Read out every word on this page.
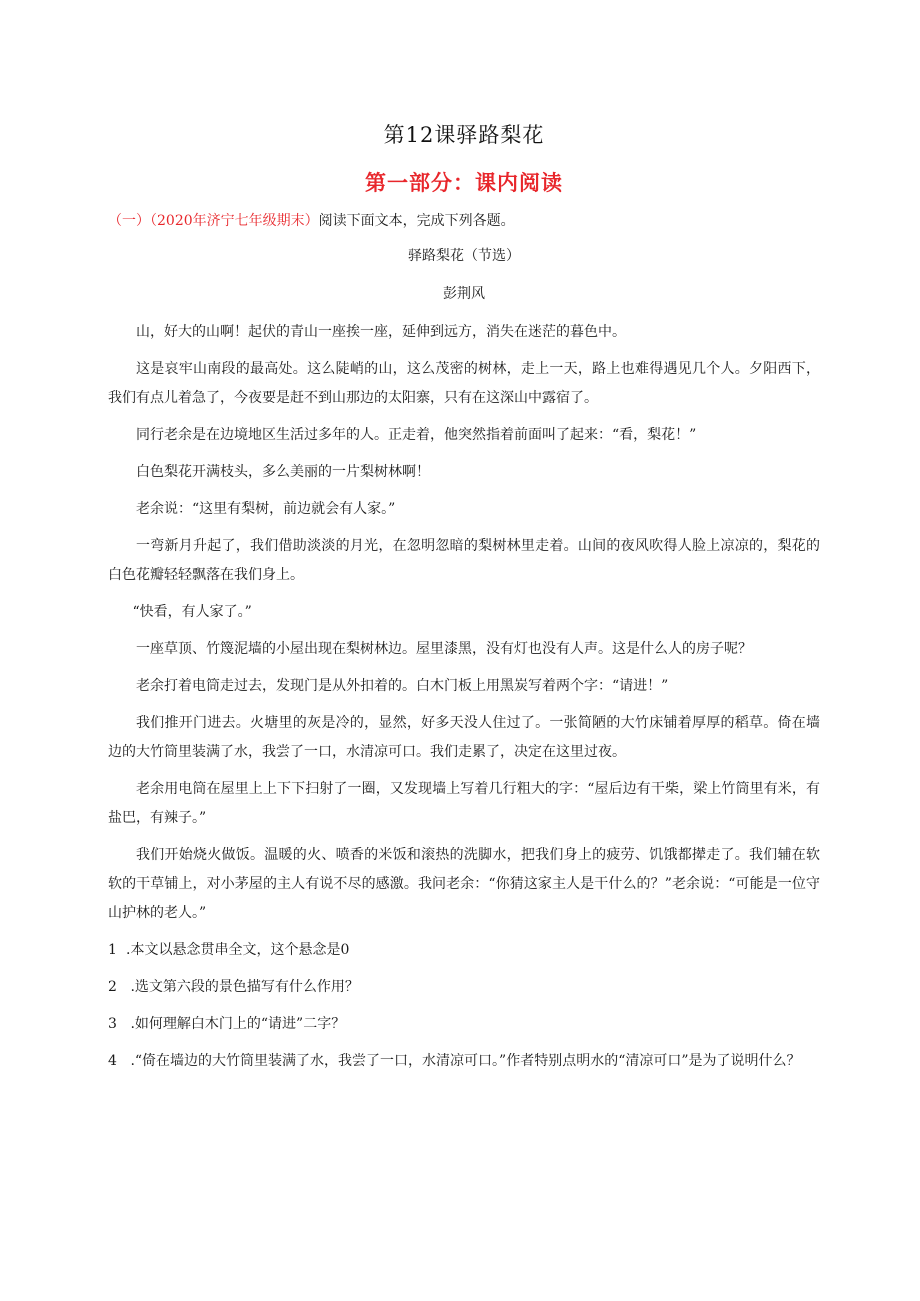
第12课驿路梨花
第一部分：课内阅读
（一）（2020年济宁七年级期末）阅读下面文本，完成下列各题。
驿路梨花（节选）
彭荆风

山，好大的山啊！起伏的青山一座挨一座，延伸到远方，消失在迷茫的暮色中。

这是哀牢山南段的最高处。这么陡峭的山，这么茂密的树林，走上一天，路上也难得遇见几个人。夕阳西下，我们有点儿着急了，今夜要是赶不到山那边的太阳寨，只有在这深山中露宿了。

同行老余是在边境地区生活过多年的人。正走着，他突然指着前面叫了起来：“看，梨花！”

白色梨花开满枝头，多么美丽的一片梨树林啊！

老余说：“这里有梨树，前边就会有人家。”

一弯新月升起了，我们借助淡淡的月光，在忽明忽暗的梨树林里走着。山间的夜风吹得人脸上凉凉的，梨花的白色花瓣轻轻飘落在我们身上。

“快看，有人家了。”

一座草顶、竹篾泥墙的小屋出现在梨树林边。屋里漆黑，没有灯也没有人声。这是什么人的房子呢？

老余打着电筒走过去，发现门是从外扣着的。白木门板上用黑炭写着两个字：“请进！”

我们推开门进去。火塘里的灰是冷的，显然，好多天没人住过了。一张简陋的大竹床铺着厚厚的稻草。倚在墙边的大竹筒里装满了水，我尝了一口，水清凉可口。我们走累了，决定在这里过夜。

老余用电筒在屋里上上下下扫射了一圈，又发现墙上写着几行粗大的字：“屋后边有干柴，梁上竹筒里有米，有盐巴，有辣子。”

我们开始烧火做饭。温暖的火、喷香的米饭和滚热的洗脚水，把我们身上的疲劳、饥饿都撵走了。我们辅在软软的干草铺上，对小茅屋的主人有说不尽的感激。我问老余：“你猜这家主人是干什么的？”老余说：“可能是一位守山护林的老人。”

1 .本文以悬念贯串全文，这个悬念是0
2 .选文第六段的景色描写有什么作用？
3 .如何理解白木门上的“请进”二字？
4 .“倚在墙边的大竹筒里装满了水，我尝了一口，水清凉可口。”作者特别点明水的“清凉可口”是为了说明什么？
